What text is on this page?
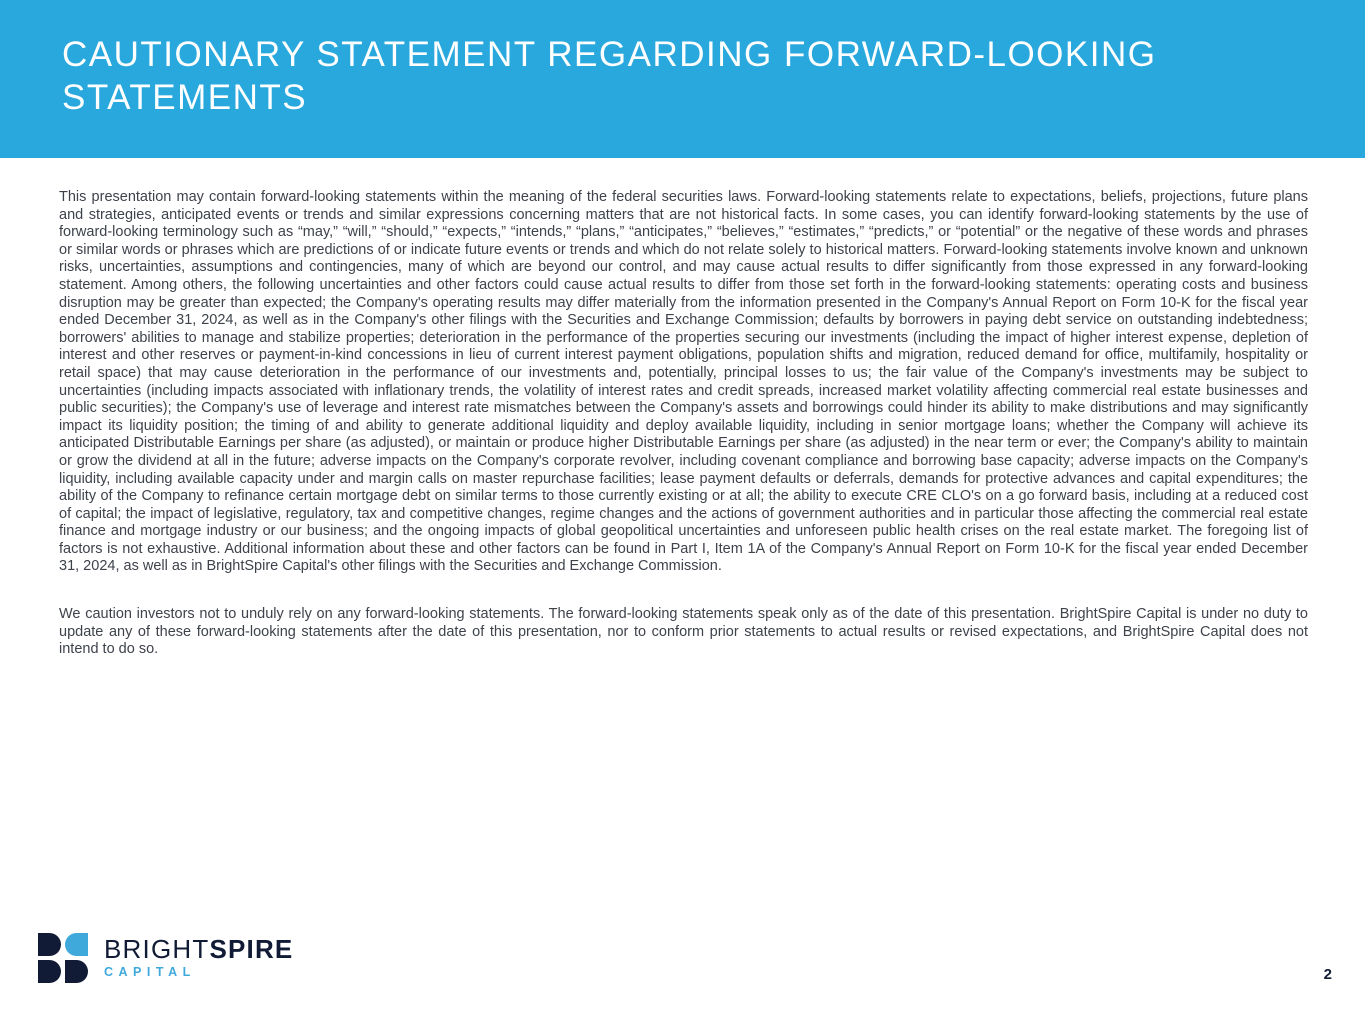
CAUTIONARY STATEMENT REGARDING FORWARD-LOOKING
STATEMENTS

This presentation may contain forward-looking statements within the meaning of the federal securities laws. Forward-looking statements relate to expectations, beliefs, projections, future plans and strategies, anticipated events or trends and similar expressions concerning matters that are not historical facts. In some cases, you can identify forward-looking statements by the use of forward-looking terminology such as “may,” “will,” “should,” “expects,” “intends,” “plans,” “anticipates,” “believes,” “estimates,” “predicts,” or “potential” or the negative of these words and phrases or similar words or phrases which are predictions of or indicate future events or trends and which do not relate solely to historical matters. Forward-looking statements involve known and unknown risks, uncertainties, assumptions and contingencies, many of which are beyond our control, and may cause actual results to differ significantly from those expressed in any forward-looking statement. Among others, the following uncertainties and other factors could cause actual results to differ from those set forth in the forward-looking statements: operating costs and business disruption may be greater than expected; the Company's operating results may differ materially from the information presented in the Company's Annual Report on Form 10-K for the fiscal year ended December 31, 2024, as well as in the Company's other filings with the Securities and Exchange Commission; defaults by borrowers in paying debt service on outstanding indebtedness; borrowers' abilities to manage and stabilize properties; deterioration in the performance of the properties securing our investments (including the impact of higher interest expense, depletion of interest and other reserves or payment-in-kind concessions in lieu of current interest payment obligations, population shifts and migration, reduced demand for office, multifamily, hospitality or retail space) that may cause deterioration in the performance of our investments and, potentially, principal losses to us; the fair value of the Company's investments may be subject to uncertainties (including impacts associated with inflationary trends, the volatility of interest rates and credit spreads, increased market volatility affecting commercial real estate businesses and public securities); the Company's use of leverage and interest rate mismatches between the Company's assets and borrowings could hinder its ability to make distributions and may significantly impact its liquidity position; the timing of and ability to generate additional liquidity and deploy available liquidity, including in senior mortgage loans; whether the Company will achieve its anticipated Distributable Earnings per share (as adjusted), or maintain or produce higher Distributable Earnings per share (as adjusted) in the near term or ever; the Company's ability to maintain or grow the dividend at all in the future; adverse impacts on the Company's corporate revolver, including covenant compliance and borrowing base capacity; adverse impacts on the Company's liquidity, including available capacity under and margin calls on master repurchase facilities; lease payment defaults or deferrals, demands for protective advances and capital expenditures; the ability of the Company to refinance certain mortgage debt on similar terms to those currently existing or at all; the ability to execute CRE CLO's on a go forward basis, including at a reduced cost of capital; the impact of legislative, regulatory, tax and competitive changes, regime changes and the actions of government authorities and in particular those affecting the commercial real estate finance and mortgage industry or our business; and the ongoing impacts of global geopolitical uncertainties and unforeseen public health crises on the real estate market. The foregoing list of factors is not exhaustive. Additional information about these and other factors can be found in Part I, Item 1A of the Company's Annual Report on Form 10-K for the fiscal year ended December 31, 2024, as well as in BrightSpire Capital's other filings with the Securities and Exchange Commission.

We caution investors not to unduly rely on any forward-looking statements. The forward-looking statements speak only as of the date of this presentation. BrightSpire Capital is under no duty to update any of these forward-looking statements after the date of this presentation, nor to conform prior statements to actual results or revised expectations, and BrightSpire Capital does not intend to do so.

BRIGHTSPIRE
CAPITAL	2
